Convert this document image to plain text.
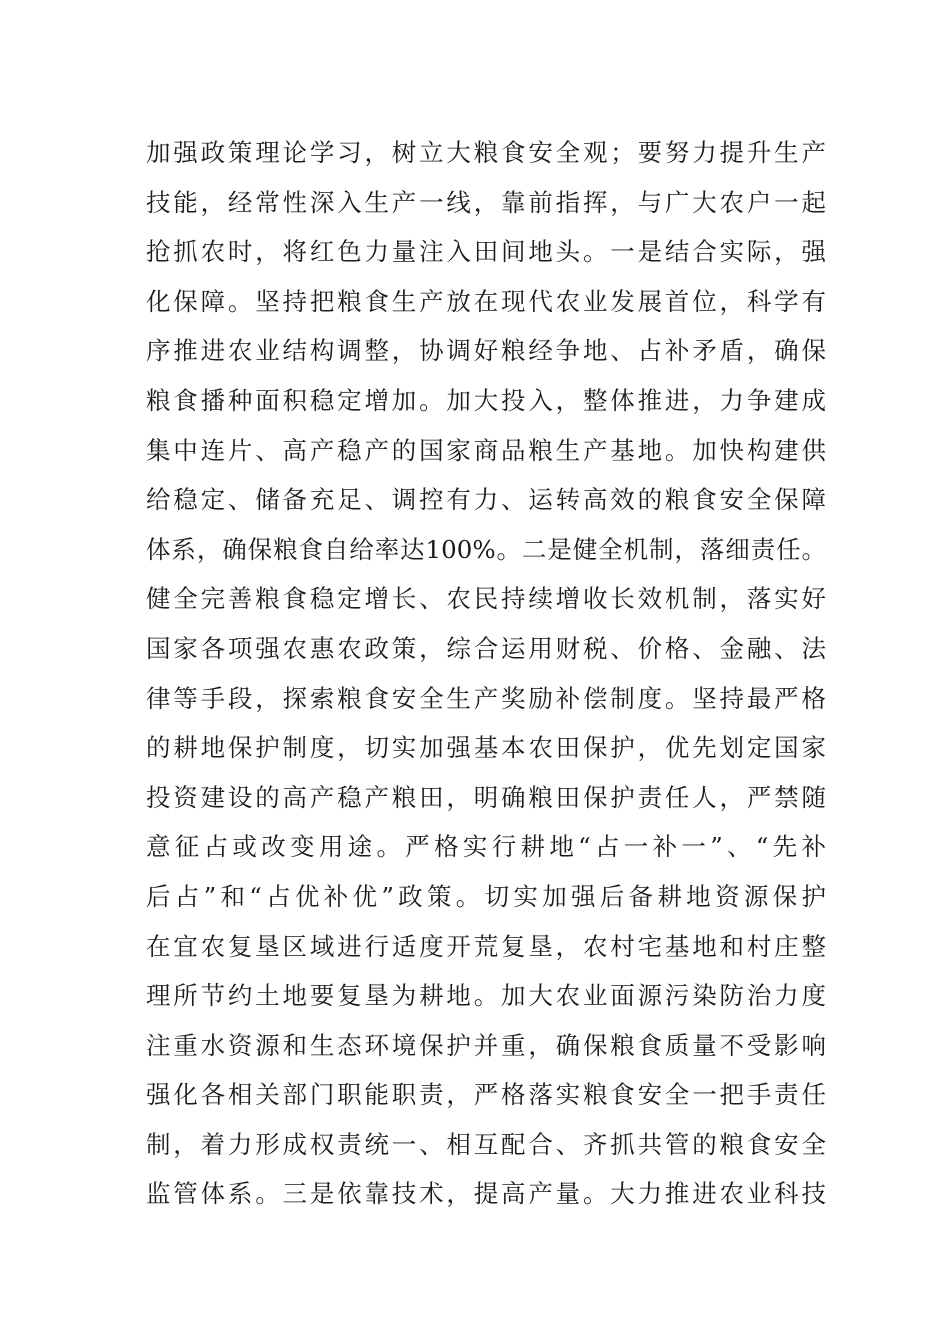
加强政策理论学习，树立大粮食安全观；要努力提升生产
技能，经常性深入生产一线，靠前指挥，与广大农户一起
抢抓农时，将红色力量注入田间地头。一是结合实际，强
化保障。坚持把粮食生产放在现代农业发展首位，科学有
序推进农业结构调整，协调好粮经争地、占补矛盾，确保
粮食播种面积稳定增加。加大投入，整体推进，力争建成
集中连片、高产稳产的国家商品粮生产基地。加快构建供
给稳定、储备充足、调控有力、运转高效的粮食安全保障
体系，确保粮食自给率达100%。二是健全机制，落细责任。
健全完善粮食稳定增长、农民持续增收长效机制，落实好
国家各项强农惠农政策，综合运用财税、价格、金融、法
律等手段，探索粮食安全生产奖励补偿制度。坚持最严格
的耕地保护制度，切实加强基本农田保护，优先划定国家
投资建设的高产稳产粮田，明确粮田保护责任人，严禁随
意征占或改变用途。严格实行耕地“占一补一”、“先补
后占”和“占优补优”政策。切实加强后备耕地资源保护
在宜农复垦区域进行适度开荒复垦，农村宅基地和村庄整
理所节约土地要复垦为耕地。加大农业面源污染防治力度
注重水资源和生态环境保护并重，确保粮食质量不受影响
强化各相关部门职能职责，严格落实粮食安全一把手责任
制，着力形成权责统一、相互配合、齐抓共管的粮食安全
监管体系。三是依靠技术，提高产量。大力推进农业科技
